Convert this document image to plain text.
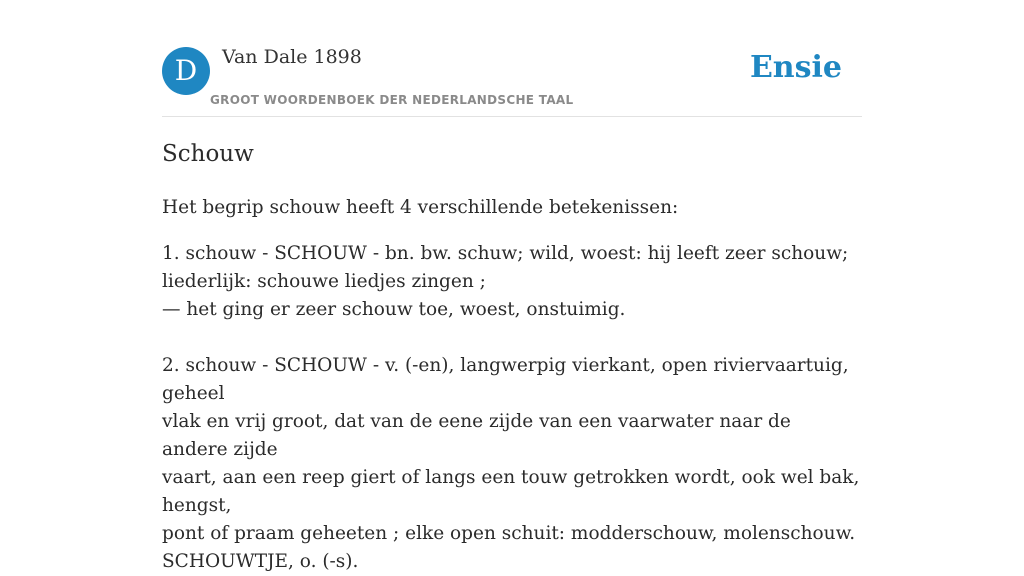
D	Van Dale 1898
GROOT WOORDENBOEK DER NEDERLANDSCHE TAAL
Ensie
Schouw

Het begrip schouw heeft 4 verschillende betekenissen:

1. schouw - SCHOUW - bn. bw. schuw; wild, woest: hij leeft zeer schouw;
liederlijk: schouwe liedjes zingen ;
— het ging er zeer schouw toe, woest, onstuimig.
2. schouw - SCHOUW - v. (-en), langwerpig vierkant, open riviervaartuig, geheel
vlak en vrij groot, dat van de eene zijde van een vaarwater naar de andere zijde
vaart, aan een reep giert of langs een touw getrokken wordt, ook wel bak, hengst,
pont of praam geheeten ; elke open schuit: modderschouw, molenschouw.
SCHOUWTJE, o. (-s).
